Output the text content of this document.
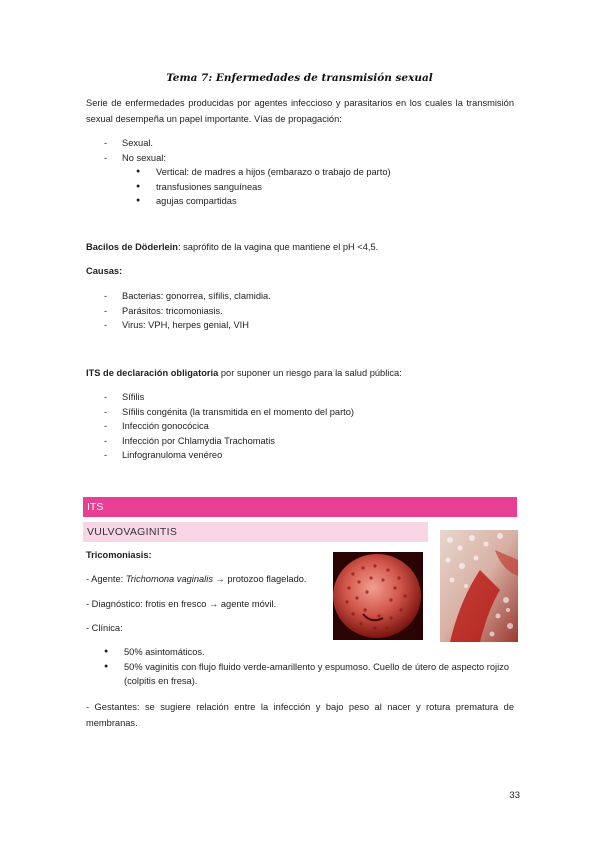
Tema 7: Enfermedades de transmisión sexual
Serie de enfermedades producidas por agentes infeccioso y parasitarios en los cuales la transmisión sexual desempeña un papel importante. Vías de propagación:
- Sexual.
- No sexual:
● Vertical: de madres a hijos (embarazo o trabajo de parto)
● transfusiones sanguíneas
● agujas compartidas
Bacilos de Döderlein: saprófito de la vagina que mantiene el pH <4,5.
Causas:
- Bacterias: gonorrea, sífilis, clamidia.
- Parásitos: tricomoniasis.
- Virus: VPH, herpes genial, VIH
ITS de declaración obligatoria por suponer un riesgo para la salud pública:
- Sífilis
- Sífilis congénita (la transmitida en el momento del parto)
- Infección gonocócica
- Infección por Chlamydia Trachomatis
- Linfogranuloma venéreo
ITS
VULVOVAGINITIS
Tricomoniasis:
- Agente: Trichomona vaginalis → protozoo flagelado.
- Diagnóstico: frotis en fresco → agente móvil.
- Clínica:
● 50% asintomáticos.
● 50% vaginitis con flujo fluido verde-amarillento y espumoso. Cuello de útero de aspecto rojizo (colpitis en fresa).
- Gestantes: se sugiere relación entre la infección y bajo peso al nacer y rotura prematura de membranas.
33
